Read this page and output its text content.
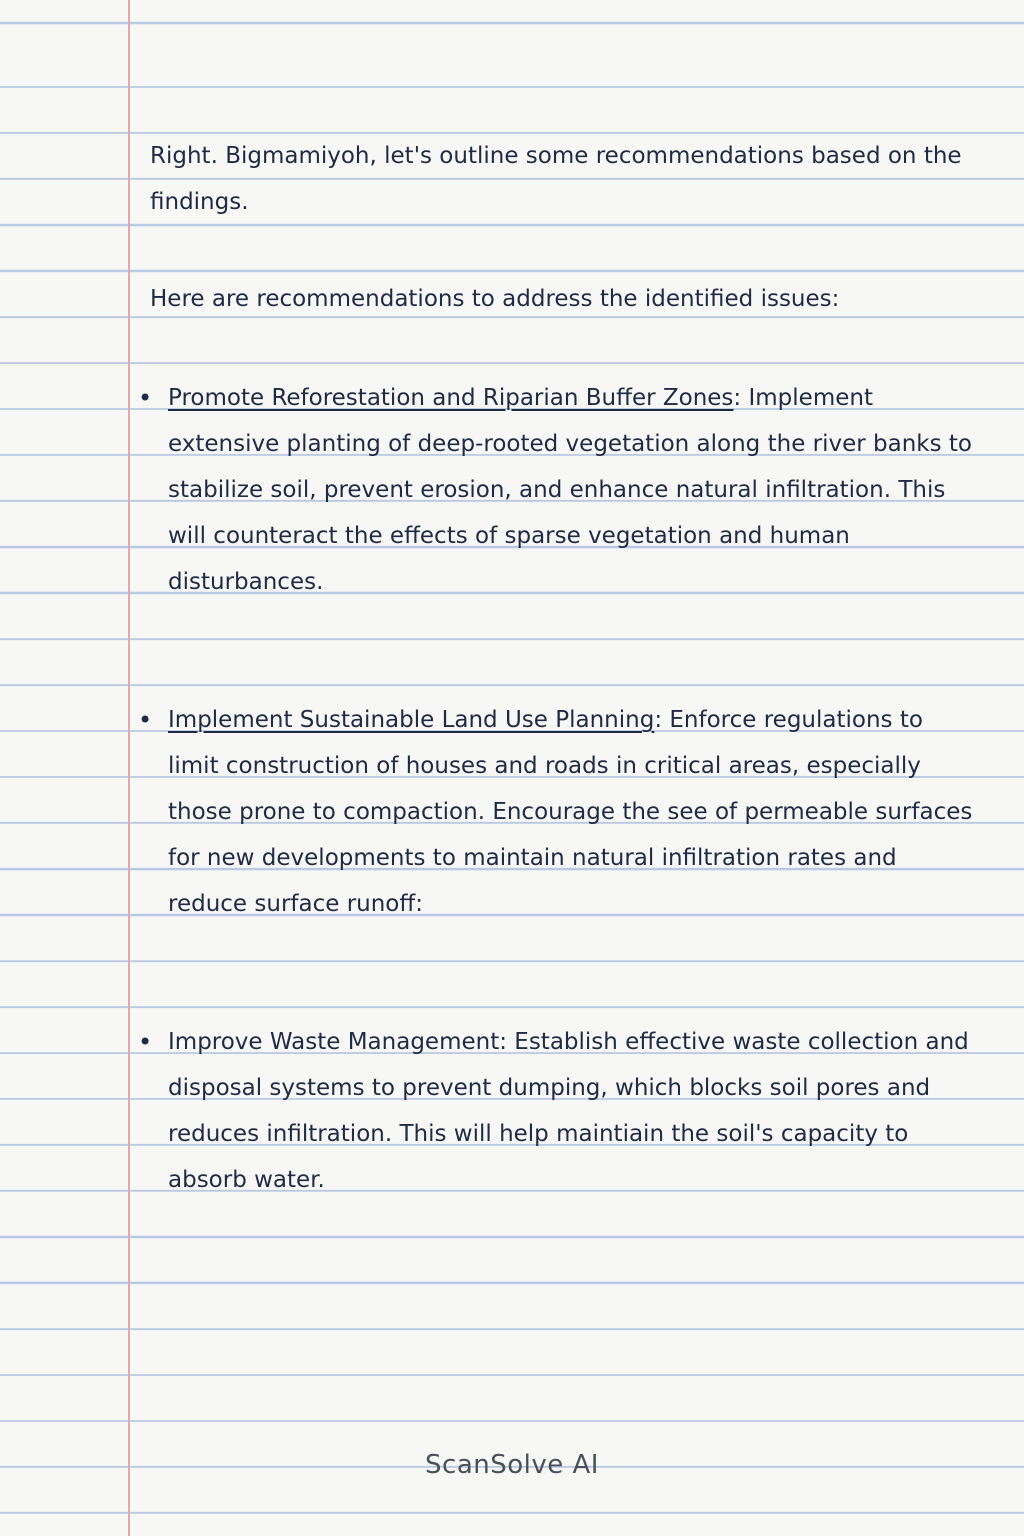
Right. Bigmamiyoh, let's outline some recommendations based on the findings.

Here are recommendations to address the identified issues:

• Promote Reforestation and Riparian Buffer Zones: Implement extensive planting of deep-rooted vegetation along the river banks to stabilize soil, prevent erosion, and enhance natural infiltration. This will counteract the effects of sparse vegetation and human disturbances.
• Implement Sustainable Land Use Planning: Enforce regulations to limit construction of houses and roads in critical areas, especially those prone to compaction. Encourage the see of permeable surfaces for new developments to maintain natural infiltration rates and reduce surface runoff:
• Improve Waste Management: Establish effective waste collection and disposal systems to prevent dumping, which blocks soil pores and reduces infiltration. This will help maintiain the soil's capacity to absorb water.
ScanSolve AI
